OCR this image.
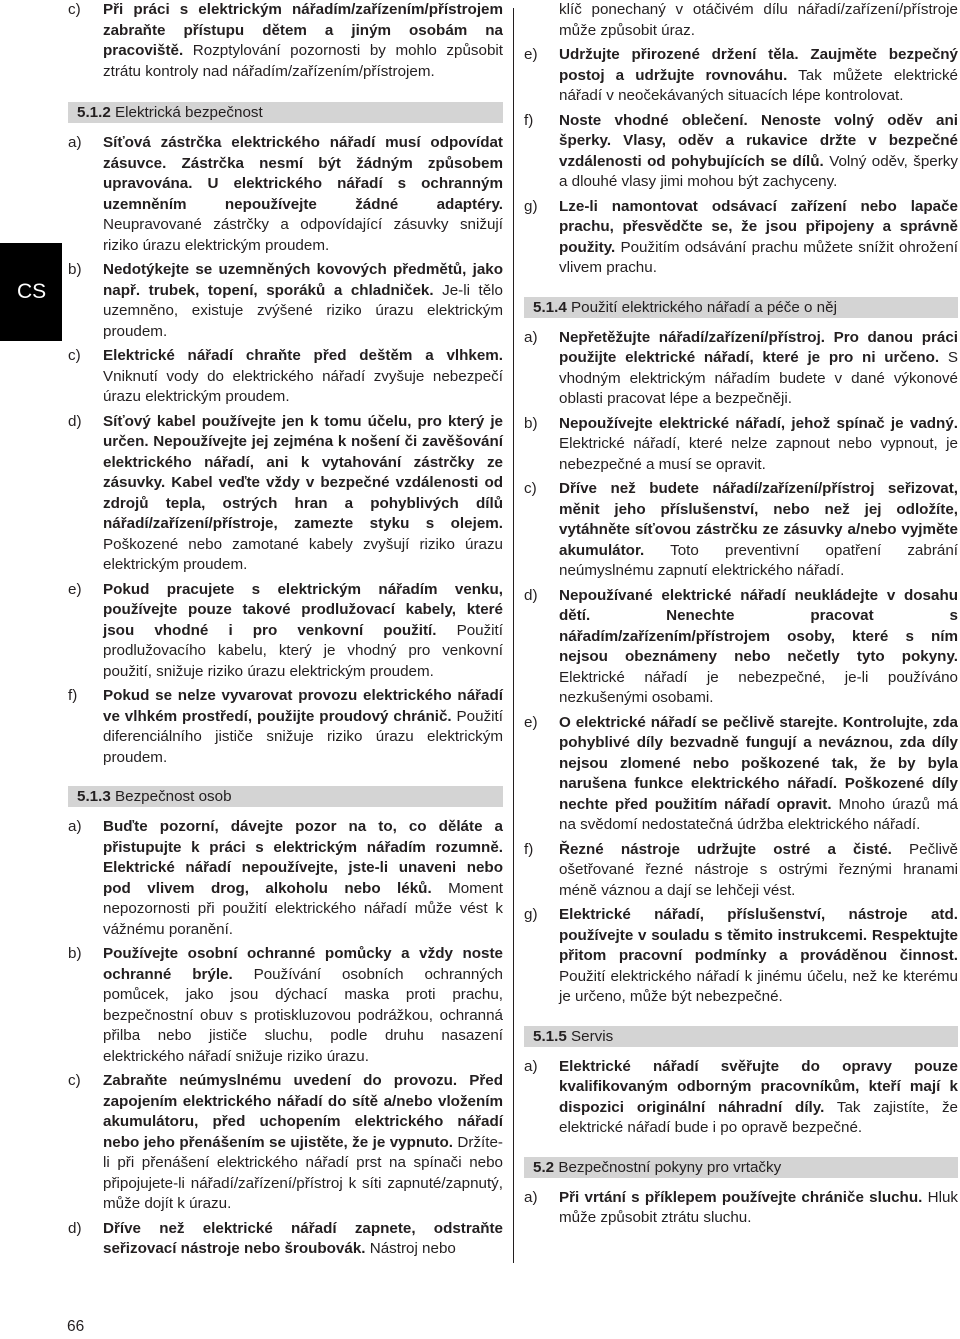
CS
c)	Při práci s elektrickým nářadím/zařízením/přístrojem zabraňte přístupu dětem a jiným osobám na pracoviště. Rozptylování pozornosti by mohlo způsobit ztrátu kontroly nad nářadím/zařízením/přístrojem.
5.1.2 Elektrická bezpečnost
a)	Síťová zástrčka elektrického nářadí musí odpovídat zásuvce. Zástrčka nesmí být žádným způsobem upravována. U elektrického nářadí s ochranným uzemněním nepoužívejte žádné adaptéry. Neupravované zástrčky a odpovídající zásuvky snižují riziko úrazu elektrickým proudem.
b)	Nedotýkejte se uzemněných kovových předmětů, jako např. trubek, topení, sporáků a chladniček. Je-li tělo uzemněno, existuje zvýšené riziko úrazu elektrickým proudem.
c)	Elektrické nářadí chraňte před deštěm a vlhkem. Vniknutí vody do elektrického nářadí zvyšuje nebezpečí úrazu elektrickým proudem.
d)	Síťový kabel používejte jen k tomu účelu, pro který je určen. Nepoužívejte jej zejména k nošení či zavěšování elektrického nářadí, ani k vytahování zástrčky ze zásuvky. Kabel veďte vždy v bezpečné vzdálenosti od zdrojů tepla, ostrých hran a pohyblivých dílů nářadí/zařízení/přístroje, zamezte styku s olejem. Poškozené nebo zamotané kabely zvyšují riziko úrazu elektrickým proudem.
e)	Pokud pracujete s elektrickým nářadím venku, používejte pouze takové prodlužovací kabely, které jsou vhodné i pro venkovní použití. Použití prodlužovacího kabelu, který je vhodný pro venkovní použití, snižuje riziko úrazu elektrickým proudem.
f)	Pokud se nelze vyvarovat provozu elektrického nářadí ve vlhkém prostředí, použijte proudový chránič. Použití diferenciálního jističe snižuje riziko úrazu elektrickým proudem.
5.1.3 Bezpečnost osob
a)	Buďte pozorní, dávejte pozor na to, co děláte a přistupujte k práci s elektrickým nářadím rozumně. Elektrické nářadí nepoužívejte, jste-li unaveni nebo pod vlivem drog, alkoholu nebo léků. Moment nepozornosti při použití elektrického nářadí může vést k vážnému poranění.
b)	Používejte osobní ochranné pomůcky a vždy noste ochranné brýle. Používání osobních ochranných pomůcek, jako jsou dýchací maska proti prachu, bezpečnostní obuv s protiskluzovou podrážkou, ochranná přilba nebo jističe sluchu, podle druhu nasazení elektrického nářadí snižuje riziko úrazu.
c)	Zabraňte neúmyslnému uvedení do provozu. Před zapojením elektrického nářadí do sítě a/nebo vložením akumulátoru, před uchopením elektrického nářadí nebo jeho přenášením se ujistěte, že je vypnuto. Držíte-li při přenášení elektrického nářadí prst na spínači nebo připojujete-li nářadí/zařízení/přístroj k síti zapnuté/zapnutý, může dojít k úrazu.
d)	Dříve než elektrické nářadí zapnete, odstraňte seřizovací nástroje nebo šroubovák. Nástroj nebo
klíč ponechaný v otáčivém dílu nářadí/zařízení/přístroje může způsobit úraz.
e)	Udržujte přirozené držení těla. Zaujměte bezpečný postoj a udržujte rovnováhu. Tak můžete elektrické nářadí v neočekávaných situacích lépe kontrolovat.
f)	Noste vhodné oblečení. Nenoste volný oděv ani šperky. Vlasy, oděv a rukavice držte v bezpečné vzdálenosti od pohybujících se dílů. Volný oděv, šperky a dlouhé vlasy jimi mohou být zachyceny.
g)	Lze-li namontovat odsávací zařízení nebo lapače prachu, přesvědčte se, že jsou připojeny a správně použity. Použitím odsávání prachu můžete snížit ohrožení vlivem prachu.
5.1.4 Použití elektrického nářadí a péče o něj
a)	Nepřetěžujte nářadí/zařízení/přístroj. Pro danou práci použijte elektrické nářadí, které je pro ni určeno. S vhodným elektrickým nářadím budete v dané výkonové oblasti pracovat lépe a bezpečněji.
b)	Nepoužívejte elektrické nářadí, jehož spínač je vadný. Elektrické nářadí, které nelze zapnout nebo vypnout, je nebezpečné a musí se opravit.
c)	Dříve než budete nářadí/zařízení/přístroj seřizovat, měnit jeho příslušenství, nebo než jej odložíte, vytáhněte síťovou zástrčku ze zásuvky a/nebo vyjměte akumulátor. Toto preventivní opatření zabrání neúmyslnému zapnutí elektrického nářadí.
d)	Nepoužívané elektrické nářadí neukládejte v dosahu dětí. Nenechte pracovat s nářadím/zařízením/přístrojem osoby, které s ním nejsou obeznámeny nebo nečetly tyto pokyny. Elektrické nářadí je nebezpečné, je-li používáno nezkušenými osobami.
e)	O elektrické nářadí se pečlivě starejte. Kontrolujte, zda pohyblivé díly bezvadně fungují a neváznou, zda díly nejsou zlomené nebo poškozené tak, že by byla narušena funkce elektrického nářadí. Poškozené díly nechte před použitím nářadí opravit. Mnoho úrazů má na svědomí nedostatečná údržba elektrického nářadí.
f)	Řezné nástroje udržujte ostré a čisté. Pečlivě ošetřované řezné nástroje s ostrými řeznými hranami méně váznou a dají se lehčeji vést.
g)	Elektrické nářadí, příslušenství, nástroje atd. používejte v souladu s těmito instrukcemi. Respektujte přitom pracovní podmínky a prováděnou činnost. Použití elektrického nářadí k jinému účelu, než ke kterému je určeno, může být nebezpečné.
5.1.5 Servis
a)	Elektrické nářadí svěřujte do opravy pouze kvalifikovaným odborným pracovníkům, kteří mají k dispozici originální náhradní díly. Tak zajistíte, že elektrické nářadí bude i po opravě bezpečné.
5.2 Bezpečnostní pokyny pro vrtačky
a)	Při vrtání s příklepem používejte chrániče sluchu. Hluk může způsobit ztrátu sluchu.
66
